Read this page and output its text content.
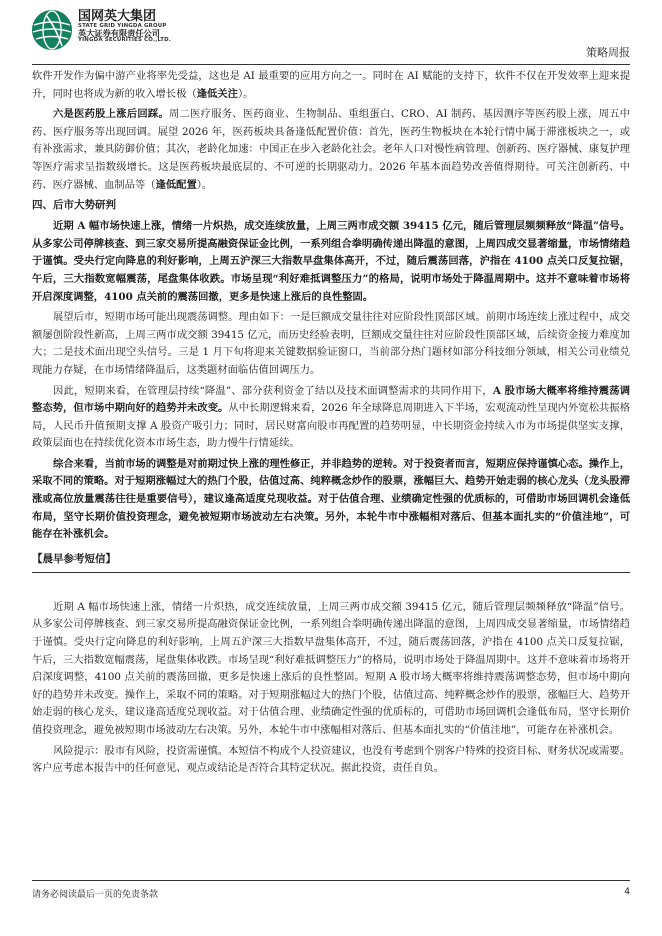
国网英大集团
STATE GRID YINGDA GROUP
英大证券有限责任公司
YINGDA SECURITIES CO.,LTD.
策略周报

软件开发作为偏中游产业将率先受益，这也是 AI 最重要的应用方向之一。同时在 AI 赋能的支持下，软件不仅在开发效率上迎来提升，同时也将成为新的收入增长极（逢低关注）。

六是医药股上涨后回踩。周二医疗服务、医药商业、生物制品、重组蛋白、CRO、AI 制药、基因测序等医药股上涨，周五中药、医疗服务等出现回调。展望 2026 年，医药板块具备逢低配置价值：首先，医药生物板块在本轮行情中属于滞涨板块之一，或有补涨需求，兼具防御价值；其次，老龄化加速：中国正在步入老龄化社会。老年人口对慢性病管理、创新药、医疗器械、康复护理等医疗需求呈指数级增长。这是医药板块最底层的、不可逆的长期驱动力。2026 年基本面趋势改善值得期待。可关注创新药、中药、医疗器械、血制品等（逢低配置）。

四、后市大势研判

近期 A 幅市场快速上涨，情绪一片炽热，成交连续放量，上周三两市成交额 39415 亿元，随后管理层频频释放“降温”信号。从多家公司停牌核查、到三家交易所提高融资保证金比例，一系列组合拳明确传递出降温的意图，上周四成交显著缩量，市场情绪趋于谨慎。受央行定向降息的利好影响，上周五沪深三大指数早盘集体高开，不过，随后震荡回落，沪指在 4100 点关口反复拉锯，午后，三大指数宽幅震荡，尾盘集体收跌。市场呈现“利好难抵调整压力”的格局，说明市场处于降温周期中。这并不意味着市场将开启深度调整，4100 点关前的震荡回撤，更多是快速上涨后的良性整固。

展望后市，短期市场可能出现震荡调整。理由如下：一是巨额成交量往往对应阶段性顶部区域。前期市场连续上涨过程中，成交额屡创阶段性新高，上周三两市成交额 39415 亿元，而历史经验表明，巨额成交量往往对应阶段性顶部区域，后续资金接力难度加大；二是技术面出现空头信号。三是 1 月下旬将迎来关键数据验证窗口，当前部分热门题材如部分科技细分领域，相关公司业绩兑现能力存疑，在市场情绪降温后，这类题材面临估值回调压力。

因此，短期来看，在管理层持续“降温”、部分获利资金了结以及技术面调整需求的共同作用下，A 股市场大概率将维持震荡调整态势，但市场中期向好的趋势并未改变。从中长期逻辑来看，2026 年全球降息周期进入下半场，宏观流动性呈现内外宽松共振格局，人民币升值预期支撑 A 股资产吸引力；同时，居民财富向股市再配置的趋势明显，中长期资金持续入市为市场提供坚实支撑，政策层面也在持续优化资本市场生态，助力慢牛行情延续。

综合来看，当前市场的调整是对前期过快上涨的理性修正，并非趋势的逆转。对于投资者而言，短期应保持谨慎心态。操作上，采取不同的策略。对于短期涨幅过大的热门个股，估值过高、纯粹概念炒作的股票，涨幅巨大、趋势开始走弱的核心龙头（龙头股滞涨或高位放量震荡往往是重要信号），建议逢高适度兑现收益。对于估值合理、业绩确定性强的优质标的，可借助市场回调机会逢低布局，坚守长期价值投资理念，避免被短期市场波动左右决策。另外，本轮牛市中涨幅相对落后、但基本面扎实的“价值洼地”，可能存在补涨机会。

【晨早参考短信】

近期 A 幅市场快速上涨，情绪一片炽热，成交连续放量，上周三两市成交额 39415 亿元，随后管理层频频释放“降温”信号。从多家公司停牌核查、到三家交易所提高融资保证金比例，一系列组合拳明确传递出降温的意图，上周四成交显著缩量，市场情绪趋于谨慎。受央行定向降息的利好影响，上周五沪深三大指数早盘集体高开，不过，随后震荡回落，沪指在 4100 点关口反复拉锯，午后，三大指数宽幅震荡，尾盘集体收跌。市场呈现“利好难抵调整压力”的格局，说明市场处于降温周期中。这并不意味着市场将开启深度调整，4100 点关前的震荡回撤，更多是快速上涨后的良性整固。短期 A 股市场大概率将维持震荡调整态势，但市场中期向好的趋势并未改变。操作上，采取不同的策略。对于短期涨幅过大的热门个股，估值过高、纯粹概念炒作的股票，涨幅巨大、趋势开始走弱的核心龙头，建议逢高适度兑现收益。对于估值合理、业绩确定性强的优质标的，可借助市场回调机会逢低布局，坚守长期价值投资理念，避免被短期市场波动左右决策。另外，本轮牛市中涨幅相对落后、但基本面扎实的“价值洼地”，可能存在补涨机会。

风险提示：股市有风险，投资需谨慎。本短信不构成个人投资建议，也没有考虑到个别客户特殊的投资目标、财务状况或需要。客户应考虑本报告中的任何意见、观点或结论是否符合其特定状况。据此投资，责任自负。

请务必阅读最后一页的免责条款	4
